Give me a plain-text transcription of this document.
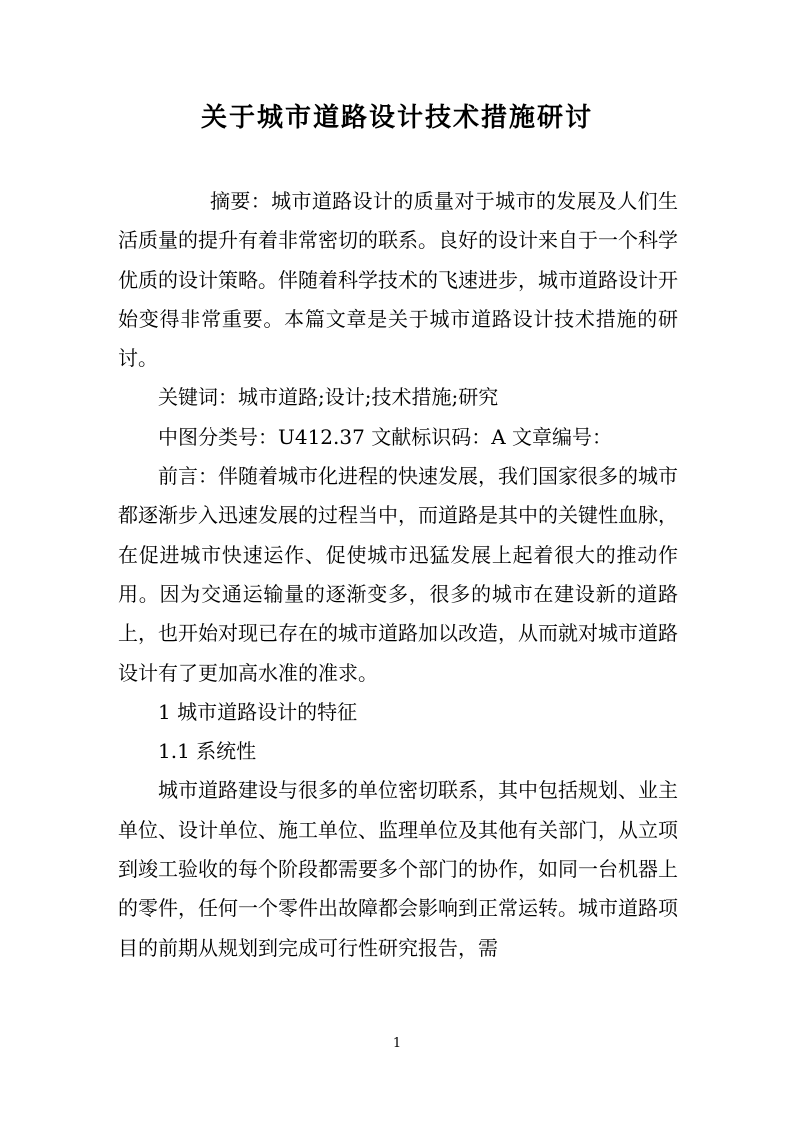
关于城市道路设计技术措施研讨

摘要：城市道路设计的质量对于城市的发展及人们生活质量的提升有着非常密切的联系。良好的设计来自于一个科学优质的设计策略。伴随着科学技术的飞速进步，城市道路设计开始变得非常重要。本篇文章是关于城市道路设计技术措施的研讨。

关键词：城市道路;设计;技术措施;研究

中图分类号：U412.37 文献标识码：A 文章编号：

前言：伴随着城市化进程的快速发展，我们国家很多的城市都逐渐步入迅速发展的过程当中，而道路是其中的关键性血脉，在促进城市快速运作、促使城市迅猛发展上起着很大的推动作用。因为交通运输量的逐渐变多，很多的城市在建设新的道路上，也开始对现已存在的城市道路加以改造，从而就对城市道路设计有了更加高水准的准求。

1 城市道路设计的特征

1.1 系统性

城市道路建设与很多的单位密切联系，其中包括规划、业主单位、设计单位、施工单位、监理单位及其他有关部门，从立项到竣工验收的每个阶段都需要多个部门的协作，如同一台机器上的零件，任何一个零件出故障都会影响到正常运转。城市道路项目的前期从规划到完成可行性研究报告，需

1
